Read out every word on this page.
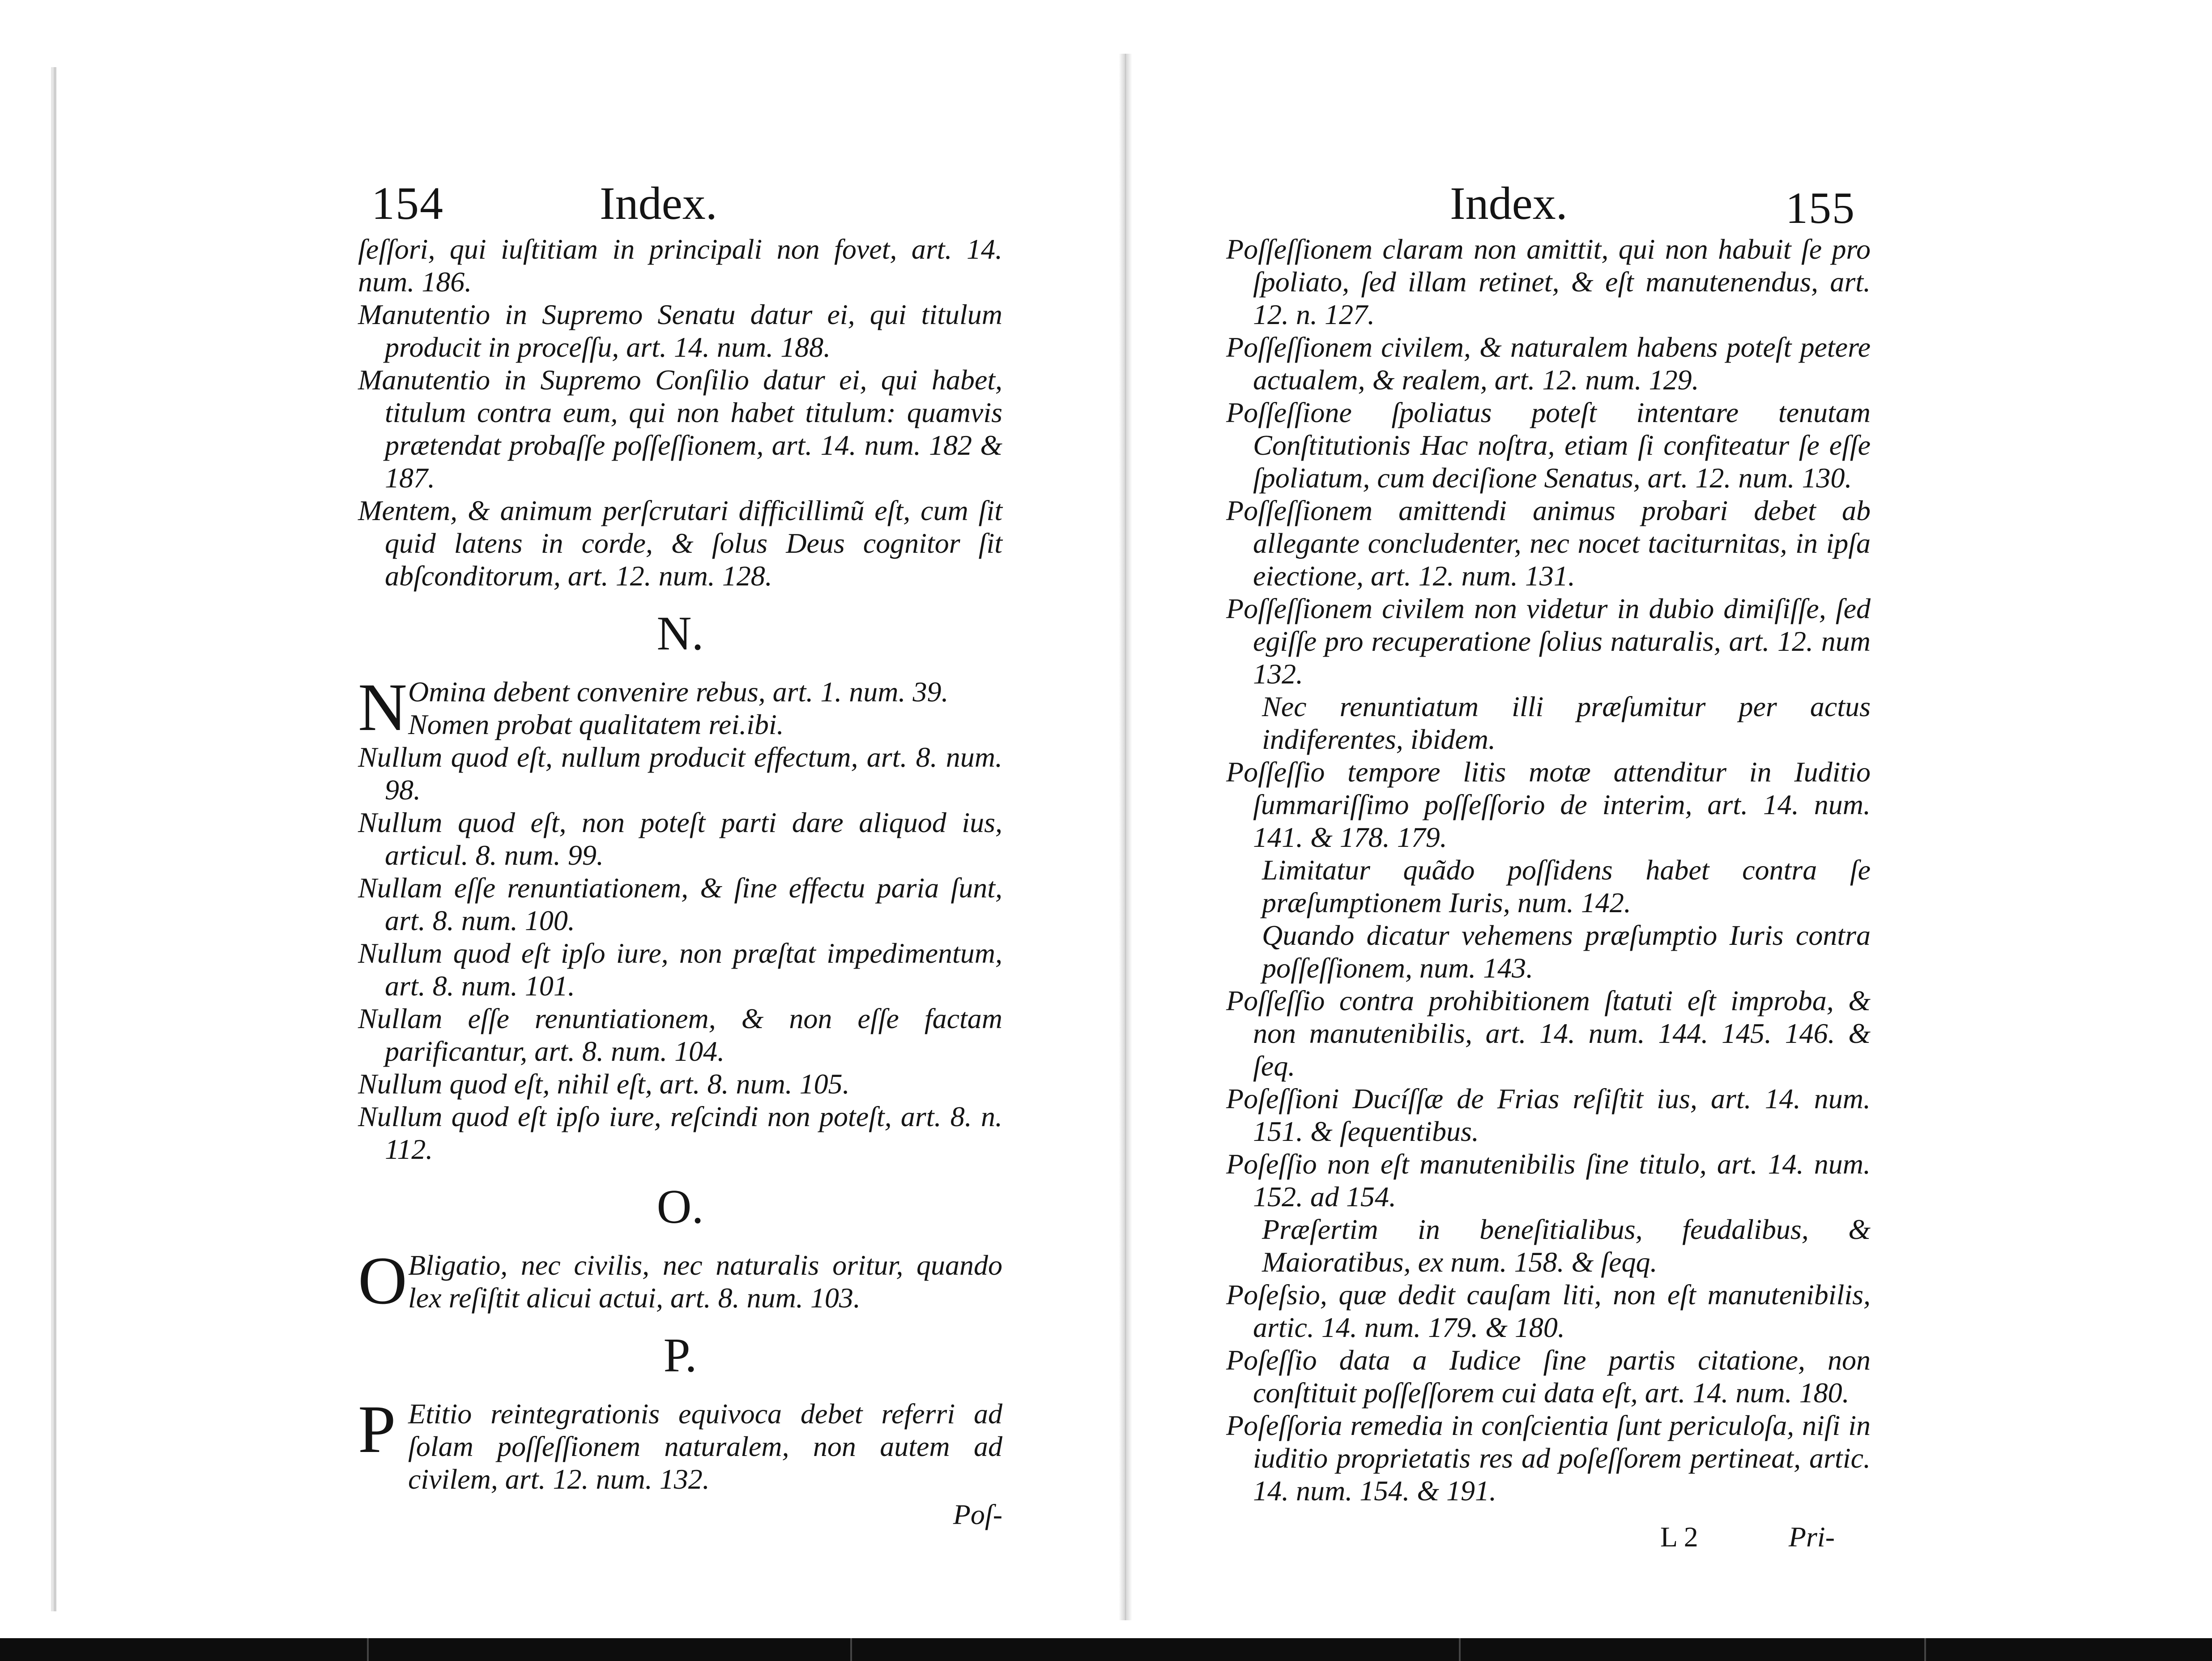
154	Index.

ſeſſori, qui iuſtitiam in principali non fovet, art. 14. num. 186.

Manutentio in Supremo Senatu datur ei, qui titulum producit in proceſſu, art. 14. num. 188.

Manutentio in Supremo Conſilio datur ei, qui habet, titulum contra eum, qui non habet titulum: quamvis prætendat probaſſe poſſeſſionem, art. 14. num. 182 & 187.

Mentem, & animum perſcrutari difficillimũ eſt, cum ſit quid latens in corde, & ſolus Deus cognitor ſit abſconditorum, art. 12. num. 128.

N.
N Omina debent convenire rebus, art. 1. num. 39.
Nomen probat qualitatem rei.ibi.

Nullum quod eſt, nullum producit effectum, art. 8. num. 98.

Nullum quod eſt, non poteſt parti dare aliquod ius, articul. 8. num. 99.

Nullam eſſe renuntiationem, & ſine effectu paria ſunt, art. 8. num. 100.

Nullum quod eſt ipſo iure, non præſtat impedimentum, art. 8. num. 101.

Nullam eſſe renuntiationem, & non eſſe factam parificantur, art. 8. num. 104.

Nullum quod eſt, nihil eſt, art. 8. num. 105.

Nullum quod eſt ipſo iure, reſcindi non poteſt, art. 8. n. 112.

O.
O Bligatio, nec civilis, nec naturalis oritur, quando lex reſiſtit alicui actui, art. 8. num. 103.
P.
P Etitio reintegrationis equivoca debet referri ad ſolam poſſeſſionem naturalem, non autem ad civilem, art. 12. num. 132.
Poſ-
Index.	155

Poſſeſſionem claram non amittit, qui non habuit ſe pro ſpoliato, ſed illam retinet, & eſt manutenendus, art. 12. n. 127.

Poſſeſſionem civilem, & naturalem habens poteſt petere actualem, & realem, art. 12. num. 129.

Poſſeſſione ſpoliatus poteſt intentare tenutam Conſtitutionis Hac noſtra, etiam ſi confiteatur ſe eſſe ſpoliatum, cum deciſione Senatus, art. 12. num. 130.

Poſſeſſionem amittendi animus probari debet ab allegante concludenter, nec nocet taciturnitas, in ipſa eiectione, art. 12. num. 131.

Poſſeſſionem civilem non videtur in dubio dimiſiſſe, ſed egiſſe pro recuperatione ſolius naturalis, art. 12. num 132.

Nec renuntiatum illi præſumitur per actus indiferentes, ibidem.

Poſſeſſio tempore litis motæ attenditur in Iuditio ſummariſſimo poſſeſſorio de interim, art. 14. num. 141. & 178. 179.

Limitatur quãdo poſſidens habet contra ſe præſumptionem Iuris, num. 142.

Quando dicatur vehemens præſumptio Iuris contra poſſeſſionem, num. 143.

Poſſeſſio contra prohibitionem ſtatuti eſt improba, & non manutenibilis, art. 14. num. 144. 145. 146. & ſeq.

Poſeſſioni Ducíſſæ de Frias reſiſtit ius, art. 14. num. 151. & ſequentibus.

Poſeſſio non eſt manutenibilis ſine titulo, art. 14. num. 152. ad 154.

Præſertim in beneſitialibus, feudalibus, & Maioratibus, ex num. 158. & ſeqq.

Poſeſsio, quæ dedit cauſam liti, non eſt manutenibilis, artic. 14. num. 179. & 180.

Poſeſſio data a Iudice ſine partis citatione, non conſtituit poſſeſſorem cui data eſt, art. 14. num. 180.

Poſeſſoria remedia in conſcientia ſunt periculoſa, niſi in iuditio proprietatis res ad poſeſſorem pertineat, artic. 14. num. 154. & 191.

L 2	Pri-
